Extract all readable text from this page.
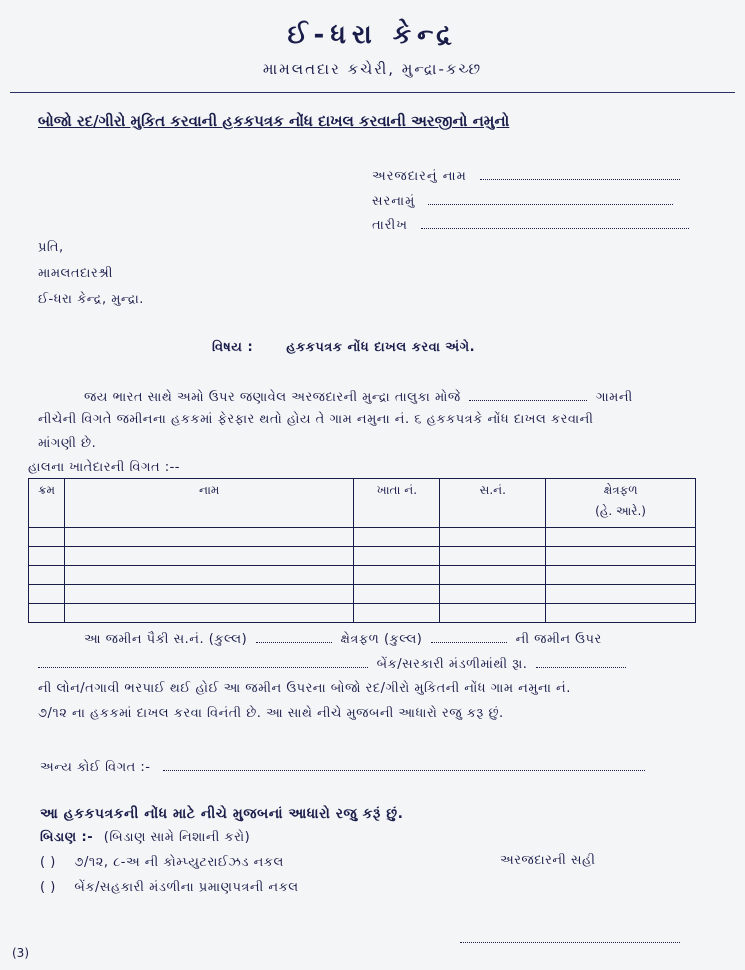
ઈ-ધરા કેન્દ્ર
મામલતદાર કચેરી, મુન્દ્રા-કચ્છ
બોજો રદ/ગીરો મુકિત કરવાની હકકપત્રક નોંધ દાખલ કરવાની અરજીનો નમુનો
અરજદારનું નામ
સરનામું
તારીખ
પ્રતિ,
મામલતદારશ્રી
ઈ-ધરા કેન્દ્ર, મુન્દ્રા.
વિષય :	હકકપત્રક નોંધ દાખલ કરવા અંગે.
જય ભારત સાથે અમો ઉપર જણાવેલ અરજદારની મુન્દ્રા તાલુકા મોજે	ગામની
નીચેની વિગતે જમીનના હકકમાં ફેરફાર થતો હોય તે ગામ નમુના નં. ૬ હકકપત્રકે નોંધ દાખલ કરવાની
માંગણી છે.
હાલના ખાતેદારની વિગત :--
ક્રમ	નામ	ખાતા નં.	સ.નં.	ક્ષેત્રફળ
(હે. આરે.)

આ જમીન પૈકી સ.નં. (કુલ્લ)	ક્ષેત્રફળ (કુલ્લ)	ની જમીન ઉપર
બેંક/સરકારી મંડળીમાંથી રૂા.
ની લોન/તગાવી ભરપાઈ થઈ હોઈ આ જમીન ઉપરના બોજો રદ/ગીરો મુકિતની નોંધ ગામ નમુના નં.
૭/૧૨ ના હકકમાં દાખલ કરવા વિનંતી છે. આ સાથે નીચે મુજબની આધારો રજુ કરૂ છું.
અન્ય કોઈ વિગત :-
આ હકકપત્રકની નોંધ માટે નીચે મુજબનાં આધારો રજુ કરૂં છું.
બિડાણ :- (બિડાણ સામે નિશાની કરો)
( ) ૭/૧૨, ૮-અ ની કોમ્પ્યુટરાઈઝડ નકલ
( ) બેંક/સહકારી મંડળીના પ્રમાણપત્રની નકલ
અરજદારની સહી
(3)
